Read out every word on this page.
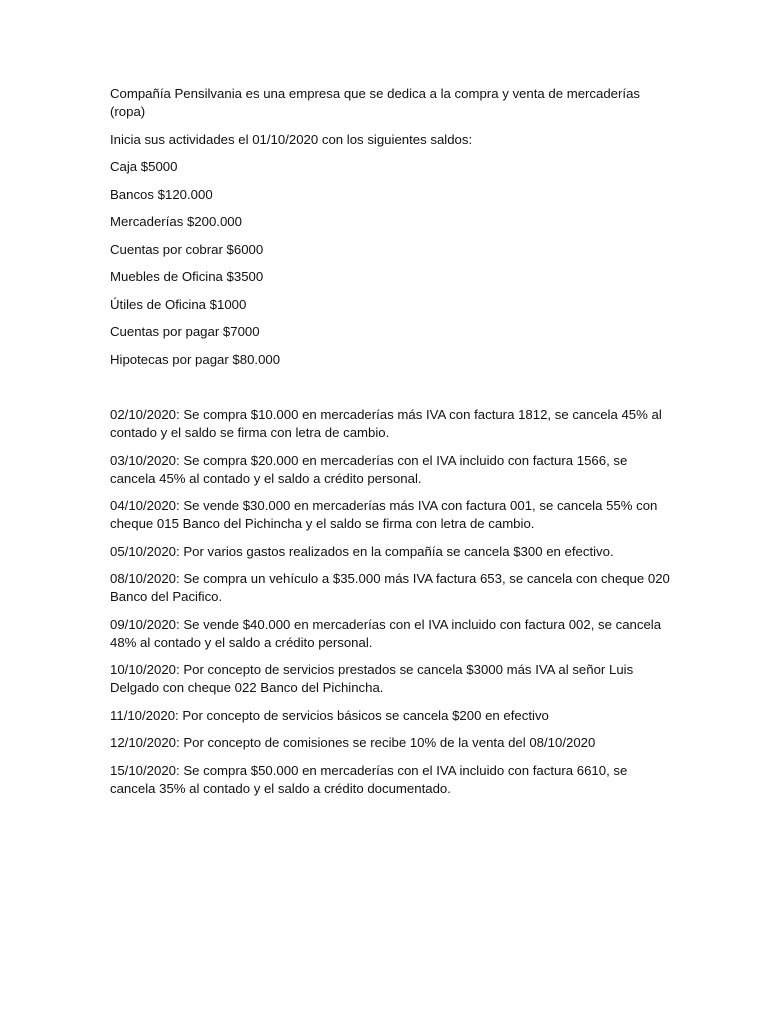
Compañía Pensilvania es una empresa que se dedica a la compra y venta de mercaderías (ropa)

Inicia sus actividades el 01/10/2020 con los siguientes saldos:

Caja $5000

Bancos $120.000

Mercaderías $200.000

Cuentas por cobrar $6000

Muebles de Oficina $3500

Útiles de Oficina $1000

Cuentas por pagar $7000

Hipotecas por pagar $80.000

02/10/2020: Se compra $10.000 en mercaderías más IVA con factura 1812, se cancela 45% al contado y el saldo se firma con letra de cambio.

03/10/2020: Se compra $20.000 en mercaderías con el IVA incluido con factura 1566, se cancela 45% al contado y el saldo a crédito personal.

04/10/2020: Se vende $30.000 en mercaderías más IVA con factura 001, se cancela 55% con cheque 015 Banco del Pichincha y el saldo se firma con letra de cambio.

05/10/2020: Por varios gastos realizados en la compañía se cancela $300 en efectivo.

08/10/2020: Se compra un vehículo a $35.000 más IVA factura 653, se cancela con cheque 020 Banco del Pacifico.

09/10/2020: Se vende $40.000 en mercaderías con el IVA incluido con factura 002, se cancela 48% al contado y el saldo a crédito personal.

10/10/2020: Por concepto de servicios prestados se cancela $3000 más IVA al señor Luis Delgado con cheque 022 Banco del Pichincha.

11/10/2020: Por concepto de servicios básicos se cancela $200 en efectivo

12/10/2020: Por concepto de comisiones se recibe 10% de la venta del 08/10/2020

15/10/2020: Se compra $50.000 en mercaderías con el IVA incluido con factura 6610, se cancela 35% al contado y el saldo a crédito documentado.
